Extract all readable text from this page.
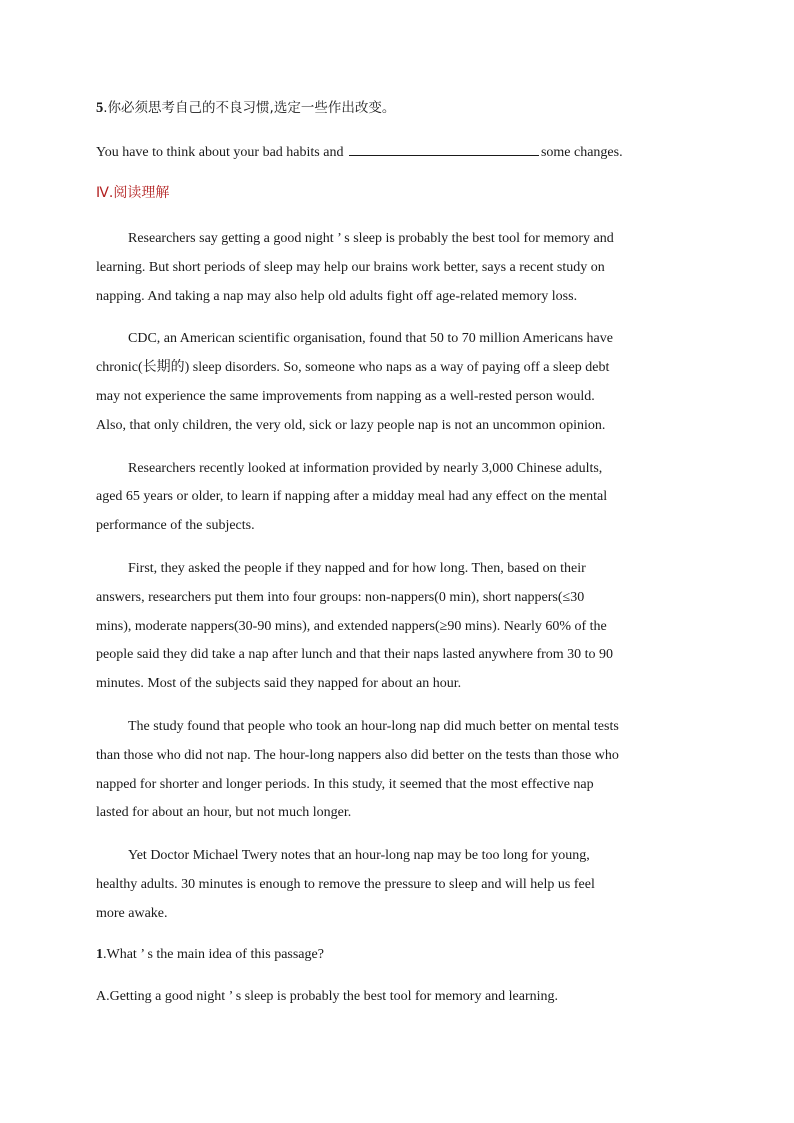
5.你必须思考自己的不良习惯,选定一些作出改变。
You have to think about your bad habits and	some changes.
Ⅳ.阅读理解
Researchers say getting a good night ’ s sleep is probably the best tool for memory and
learning. But short periods of sleep may help our brains work better, says a recent study on
napping. And taking a nap may also help old adults fight off age-related memory loss.
CDC, an American scientific organisation, found that 50 to 70 million Americans have
chronic(长期的) sleep disorders. So, someone who naps as a way of paying off a sleep debt
may not experience the same improvements from napping as a well-rested person would.
Also, that only children, the very old, sick or lazy people nap is not an uncommon opinion.
Researchers recently looked at information provided by nearly 3,000 Chinese adults,
aged 65 years or older, to learn if napping after a midday meal had any effect on the mental
performance of the subjects.
First, they asked the people if they napped and for how long. Then, based on their
answers, researchers put them into four groups: non-nappers(0 min), short nappers(≤30
mins), moderate nappers(30-90 mins), and extended nappers(≥90 mins). Nearly 60% of the
people said they did take a nap after lunch and that their naps lasted anywhere from 30 to 90
minutes. Most of the subjects said they napped for about an hour.
The study found that people who took an hour-long nap did much better on mental tests
than those who did not nap. The hour-long nappers also did better on the tests than those who
napped for shorter and longer periods. In this study, it seemed that the most effective nap
lasted for about an hour, but not much longer.
Yet Doctor Michael Twery notes that an hour-long nap may be too long for young,
healthy adults. 30 minutes is enough to remove the pressure to sleep and will help us feel
more awake.
1.What ’ s the main idea of this passage?
A.Getting a good night ’ s sleep is probably the best tool for memory and learning.
